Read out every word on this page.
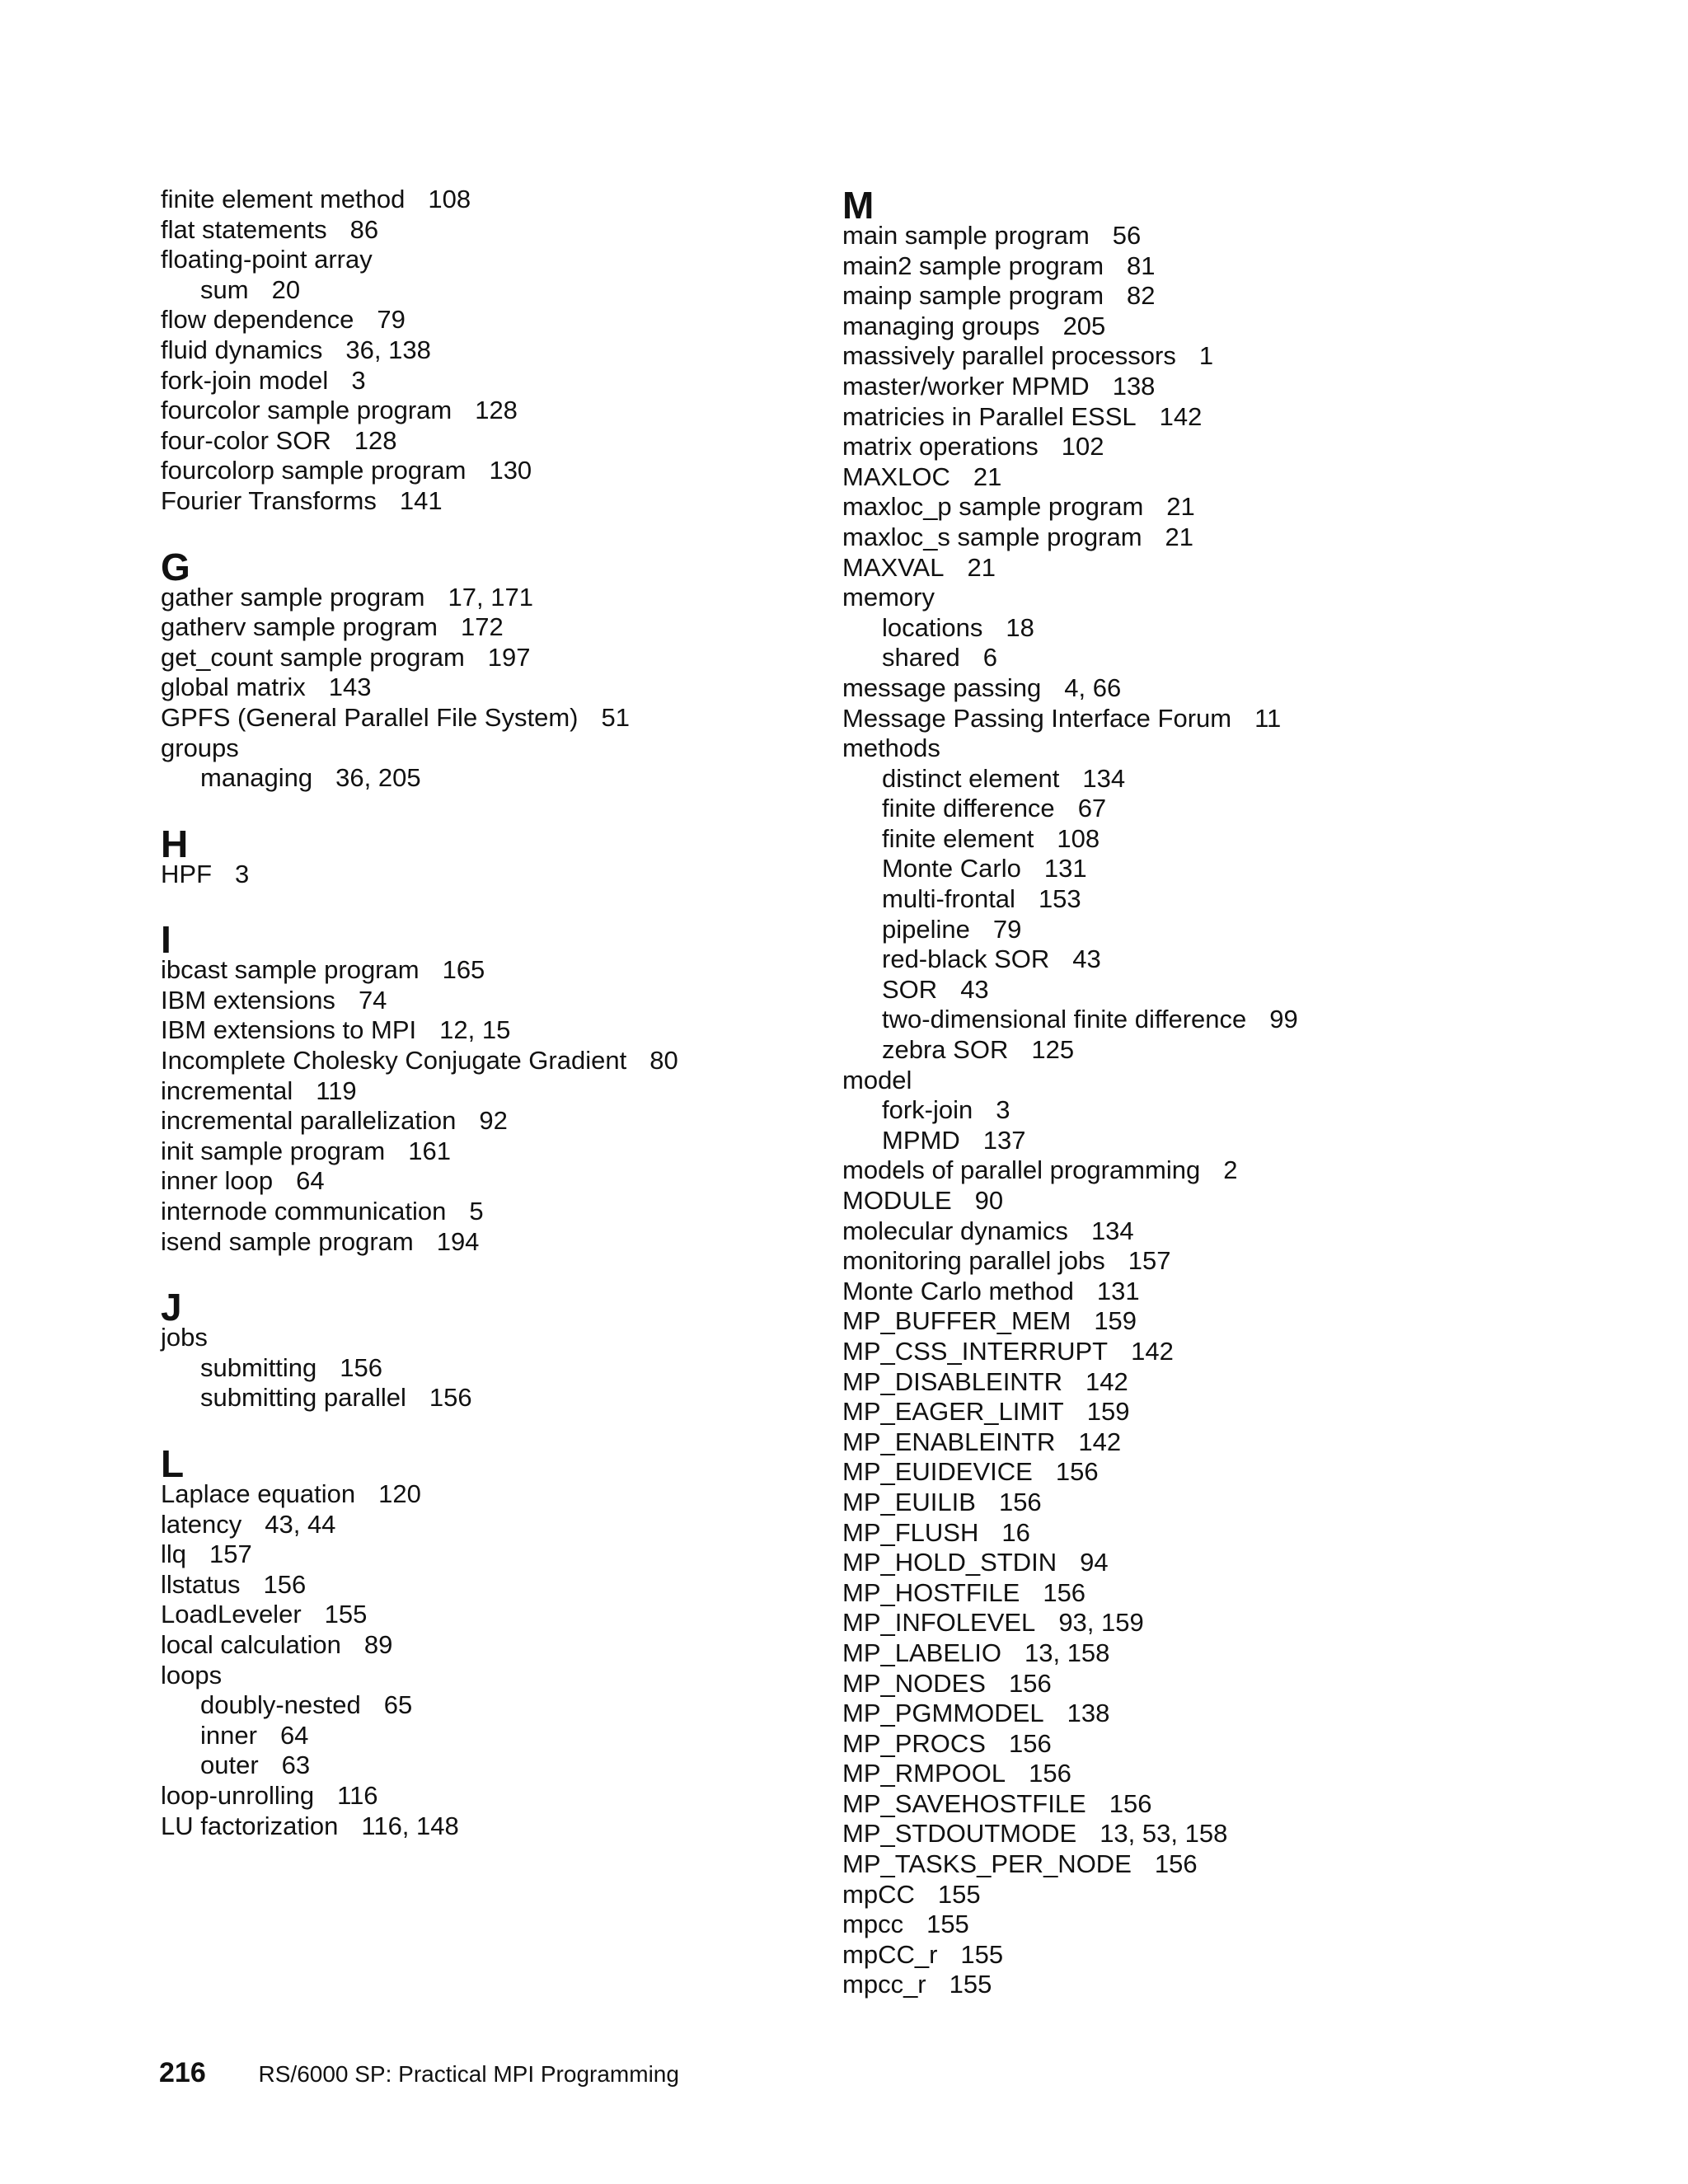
finite element method 108
flat statements 86
floating-point array
sum 20
flow dependence 79
fluid dynamics 36, 138
fork-join model 3
fourcolor sample program 128
four-color SOR 128
fourcolorp sample program 130
Fourier Transforms 141
G
gather sample program 17, 171
gatherv sample program 172
get_count sample program 197
global matrix 143
GPFS (General Parallel File System) 51
groups
managing 36, 205
H
HPF 3
I
ibcast sample program 165
IBM extensions 74
IBM extensions to MPI 12, 15
Incomplete Cholesky Conjugate Gradient 80
incremental 119
incremental parallelization 92
init sample program 161
inner loop 64
internode communication 5
isend sample program 194
J
jobs
submitting 156
submitting parallel 156
L
Laplace equation 120
latency 43, 44
llq 157
llstatus 156
LoadLeveler 155
local calculation 89
loops
doubly-nested 65
inner 64
outer 63
loop-unrolling 116
LU factorization 116, 148
M
main sample program 56
main2 sample program 81
mainp sample program 82
managing groups 205
massively parallel processors 1
master/worker MPMD 138
matricies in Parallel ESSL 142
matrix operations 102
MAXLOC 21
maxloc_p sample program 21
maxloc_s sample program 21
MAXVAL 21
memory
locations 18
shared 6
message passing 4, 66
Message Passing Interface Forum 11
methods
distinct element 134
finite difference 67
finite element 108
Monte Carlo 131
multi-frontal 153
pipeline 79
red-black SOR 43
SOR 43
two-dimensional finite difference 99
zebra SOR 125
model
fork-join 3
MPMD 137
models of parallel programming 2
MODULE 90
molecular dynamics 134
monitoring parallel jobs 157
Monte Carlo method 131
MP_BUFFER_MEM 159
MP_CSS_INTERRUPT 142
MP_DISABLEINTR 142
MP_EAGER_LIMIT 159
MP_ENABLEINTR 142
MP_EUIDEVICE 156
MP_EUILIB 156
MP_FLUSH 16
MP_HOLD_STDIN 94
MP_HOSTFILE 156
MP_INFOLEVEL 93, 159
MP_LABELIO 13, 158
MP_NODES 156
MP_PGMMODEL 138
MP_PROCS 156
MP_RMPOOL 156
MP_SAVEHOSTFILE 156
MP_STDOUTMODE 13, 53, 158
MP_TASKS_PER_NODE 156
mpCC 155
mpcc 155
mpCC_r 155
mpcc_r 155
216 RS/6000 SP: Practical MPI Programming
